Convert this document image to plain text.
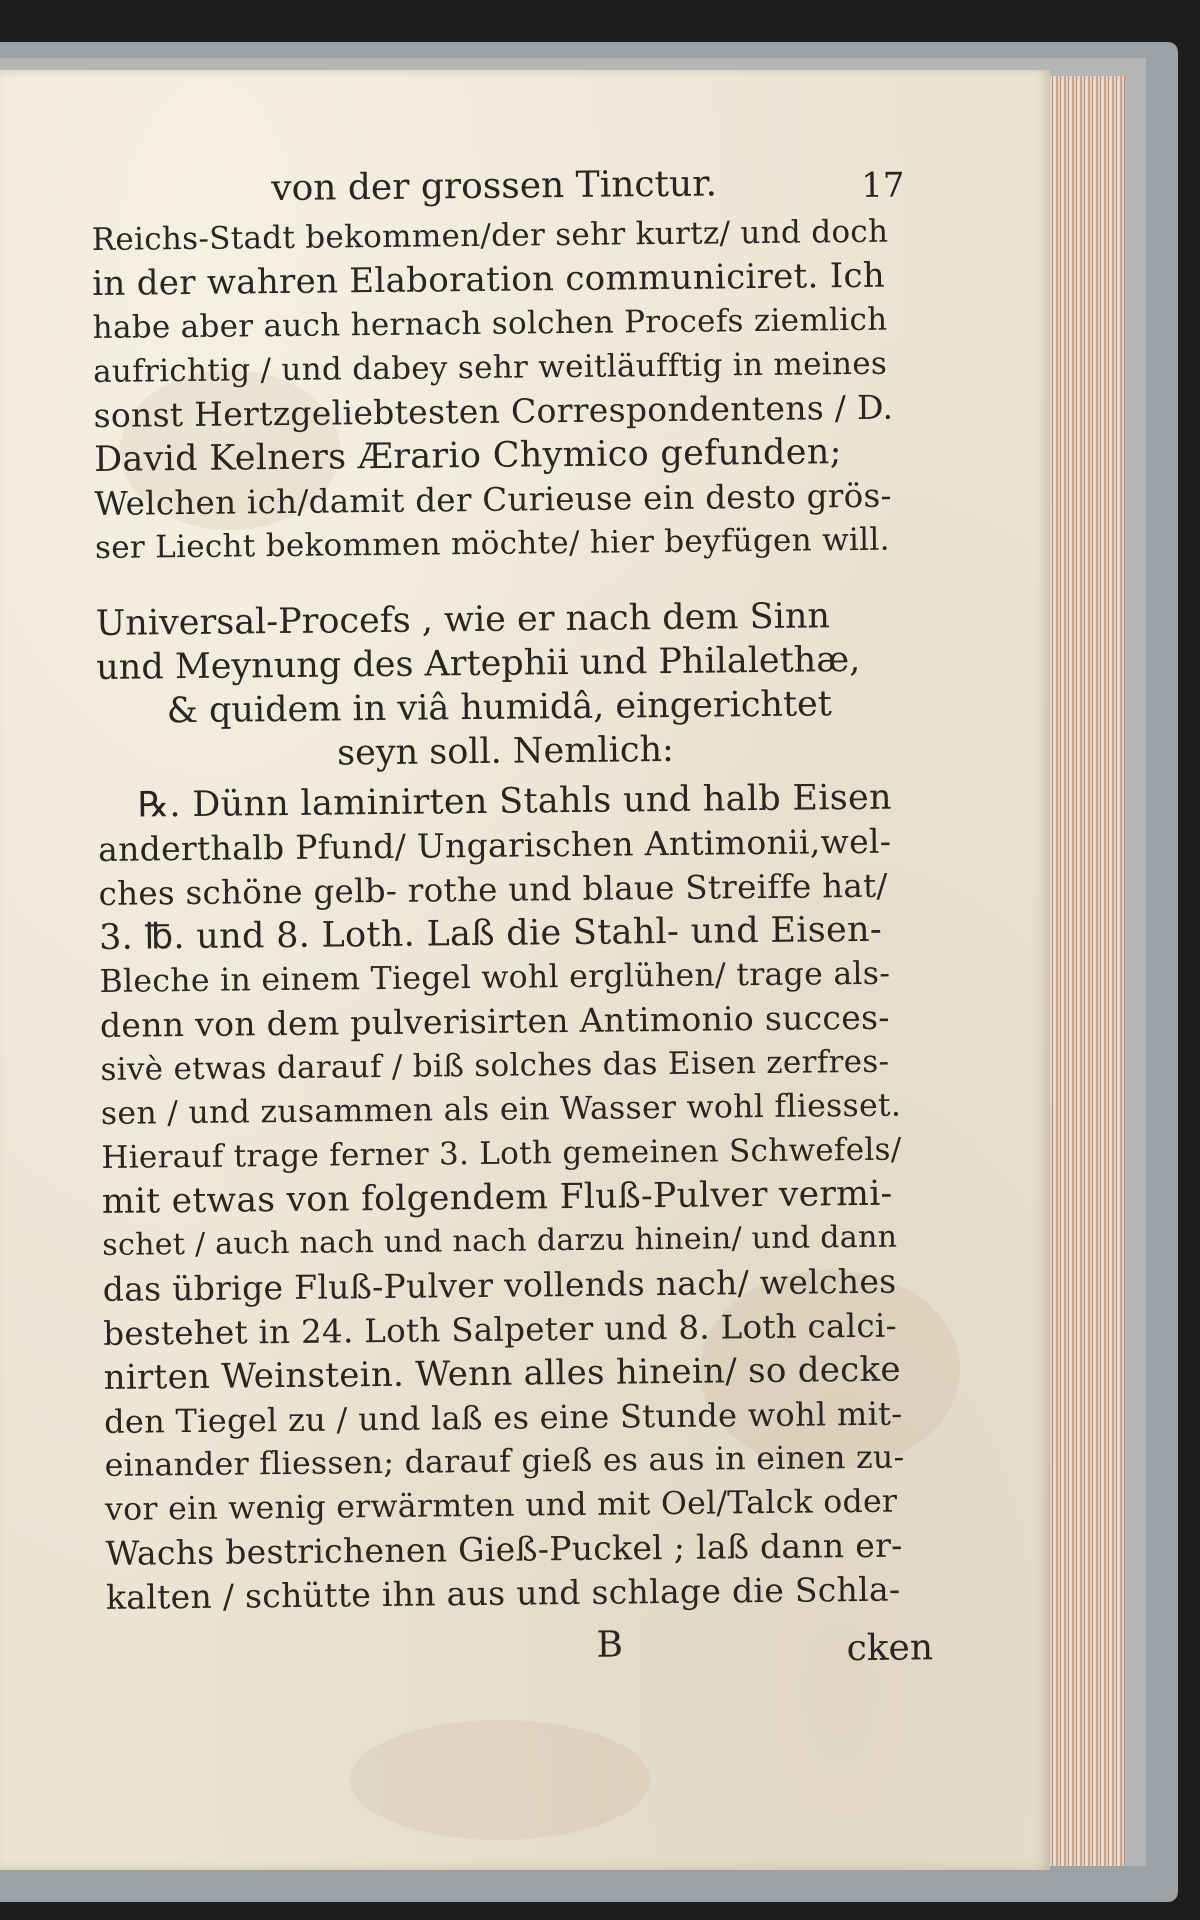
von der grossen Tinctur.	17
Reichs-Stadt bekommen/der sehr kurtz/ und doch
in der wahren Elaboration communiciret. Ich
habe aber auch hernach solchen Procefs ziemlich
aufrichtig / und dabey sehr weitläufftig in meines
sonst Hertzgeliebtesten Correspondentens / D.
David Kelners Ærario Chymico gefunden;
Welchen ich/damit der Curieuse ein desto grös-
ser Liecht bekommen möchte/ hier beyfügen will.
Universal-Procefs , wie er nach dem Sinn
und Meynung des Artephii und Philalethæ,
& quidem in viâ humidâ, eingerichtet
seyn soll. Nemlich:
℞. Dünn laminirten Stahls und halb Eisen
anderthalb Pfund/ Ungarischen Antimonii,wel-
ches schöne gelb- rothe und blaue Streiffe hat/
3. ℔. und 8. Loth. Laß die Stahl- und Eisen-
Bleche in einem Tiegel wohl erglühen/ trage als-
denn von dem pulverisirten Antimonio succes-
sivè etwas darauf / biß solches das Eisen zerfres-
sen / und zusammen als ein Wasser wohl fliesset.
Hierauf trage ferner 3. Loth gemeinen Schwefels/
mit etwas von folgendem Fluß-Pulver vermi-
schet / auch nach und nach darzu hinein/ und dann
das übrige Fluß-Pulver vollends nach/ welches
bestehet in 24. Loth Salpeter und 8. Loth calci-
nirten Weinstein. Wenn alles hinein/ so decke
den Tiegel zu / und laß es eine Stunde wohl mit-
einander fliessen; darauf gieß es aus in einen zu-
vor ein wenig erwärmten und mit Oel/Talck oder
Wachs bestrichenen Gieß-Puckel ; laß dann er-
kalten / schütte ihn aus und schlage die Schla-
B	cken
